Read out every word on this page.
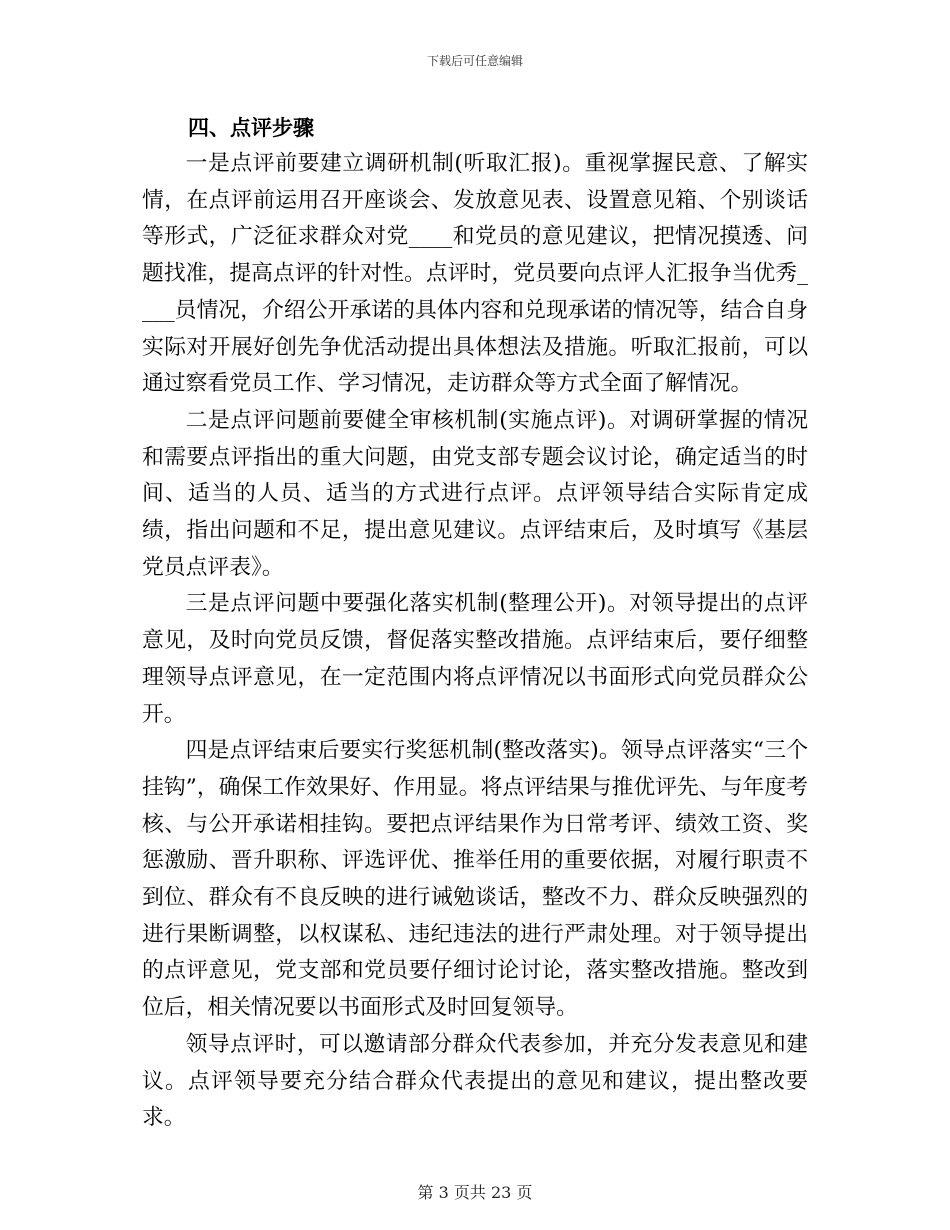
下载后可任意编辑
四、点评步骤

一是点评前要建立调研机制(听取汇报)。重视掌握民意、了解实情，在点评前运用召开座谈会、发放意见表、设置意见箱、个别谈话等形式，广泛征求群众对党____和党员的意见建议，把情况摸透、问题找准，提高点评的针对性。点评时，党员要向点评人汇报争当优秀____员情况，介绍公开承诺的具体内容和兑现承诺的情况等，结合自身实际对开展好创先争优活动提出具体想法及措施。听取汇报前，可以通过察看党员工作、学习情况，走访群众等方式全面了解情况。

二是点评问题前要健全审核机制(实施点评)。对调研掌握的情况和需要点评指出的重大问题，由党支部专题会议讨论，确定适当的时间、适当的人员、适当的方式进行点评。点评领导结合实际肯定成绩，指出问题和不足，提出意见建议。点评结束后，及时填写《基层党员点评表》。

三是点评问题中要强化落实机制(整理公开)。对领导提出的点评意见，及时向党员反馈，督促落实整改措施。点评结束后，要仔细整理领导点评意见，在一定范围内将点评情况以书面形式向党员群众公开。

四是点评结束后要实行奖惩机制(整改落实)。领导点评落实“三个挂钩”，确保工作效果好、作用显。将点评结果与推优评先、与年度考核、与公开承诺相挂钩。要把点评结果作为日常考评、绩效工资、奖惩激励、晋升职称、评选评优、推举任用的重要依据，对履行职责不到位、群众有不良反映的进行诫勉谈话，整改不力、群众反映强烈的进行果断调整，以权谋私、违纪违法的进行严肃处理。对于领导提出的点评意见，党支部和党员要仔细讨论讨论，落实整改措施。整改到位后，相关情况要以书面形式及时回复领导。

领导点评时，可以邀请部分群众代表参加，并充分发表意见和建议。点评领导要充分结合群众代表提出的意见和建议，提出整改要求。

第 3 页共 23 页
